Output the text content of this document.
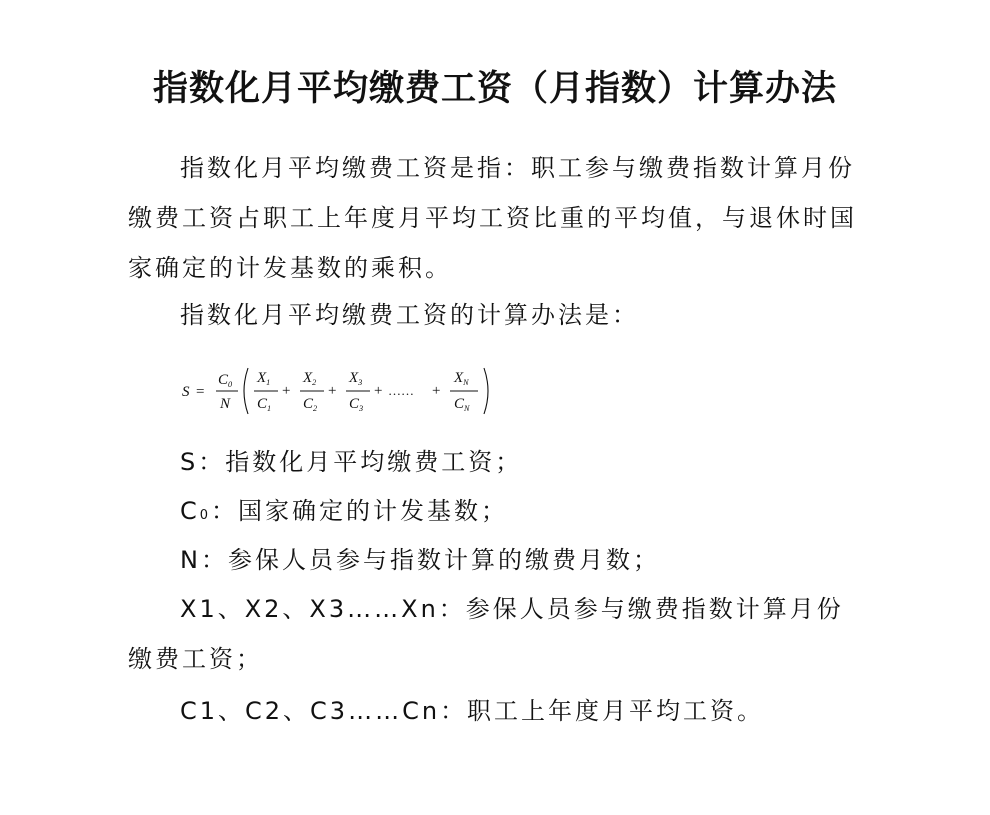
指数化月平均缴费工资（月指数）计算办法

指数化月平均缴费工资是指：职工参与缴费指数计算月份缴费工资占职工上年度月平均工资比重的平均值，与退休时国家确定的计发基数的乘积。

指数化月平均缴费工资的计算办法是：

S =
$C_0$
N
$X_1$
$C_1$
+
$X_2$
$C_2$
+
$X_3$
$C_3$
+ …… +
$X_N$
$C_N$

S：指数化月平均缴费工资；

C0：国家确定的计发基数；

N：参保人员参与指数计算的缴费月数；

X1、X2、X3……Xn：参保人员参与缴费指数计算月份缴费工资；

C1、C2、C3……Cn：职工上年度月平均工资。
